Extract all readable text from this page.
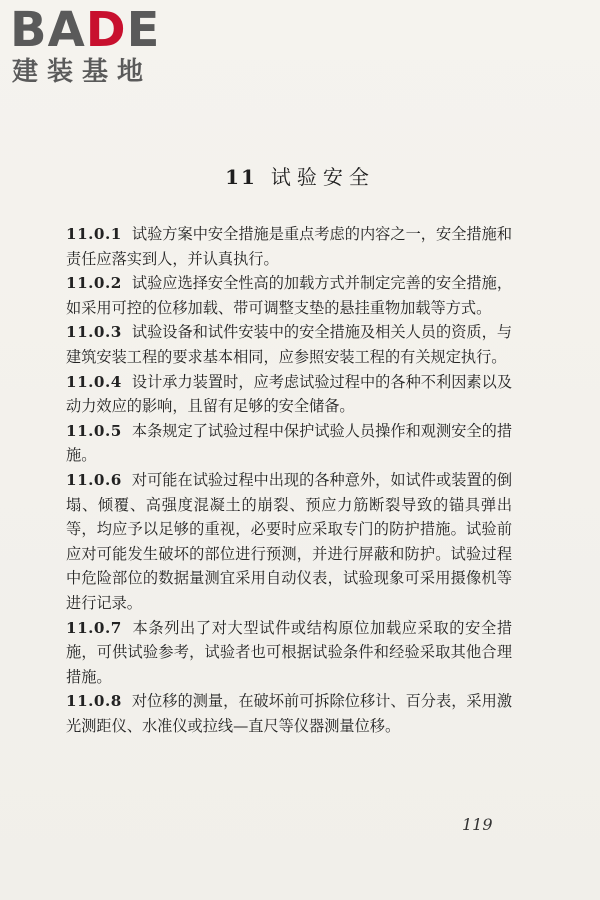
BADE
建装基地
11 试验安全

11.0.1 试验方案中安全措施是重点考虑的内容之一，安全措施和责任应落实到人，并认真执行。

11.0.2 试验应选择安全性高的加载方式并制定完善的安全措施，如采用可控的位移加载、带可调整支垫的悬挂重物加载等方式。

11.0.3 试验设备和试件安装中的安全措施及相关人员的资质，与建筑安装工程的要求基本相同，应参照安装工程的有关规定执行。

11.0.4 设计承力装置时，应考虑试验过程中的各种不利因素以及动力效应的影响，且留有足够的安全储备。

11.0.5 本条规定了试验过程中保护试验人员操作和观测安全的措施。

11.0.6 对可能在试验过程中出现的各种意外，如试件或装置的倒塌、倾覆、高强度混凝土的崩裂、预应力筋断裂导致的锚具弹出等，均应予以足够的重视，必要时应采取专门的防护措施。试验前应对可能发生破坏的部位进行预测，并进行屏蔽和防护。试验过程中危险部位的数据量测宜采用自动仪表，试验现象可采用摄像机等进行记录。

11.0.7 本条列出了对大型试件或结构原位加载应采取的安全措施，可供试验参考，试验者也可根据试验条件和经验采取其他合理措施。

11.0.8 对位移的测量，在破坏前可拆除位移计、百分表，采用激光测距仪、水准仪或拉线—直尺等仪器测量位移。

119
